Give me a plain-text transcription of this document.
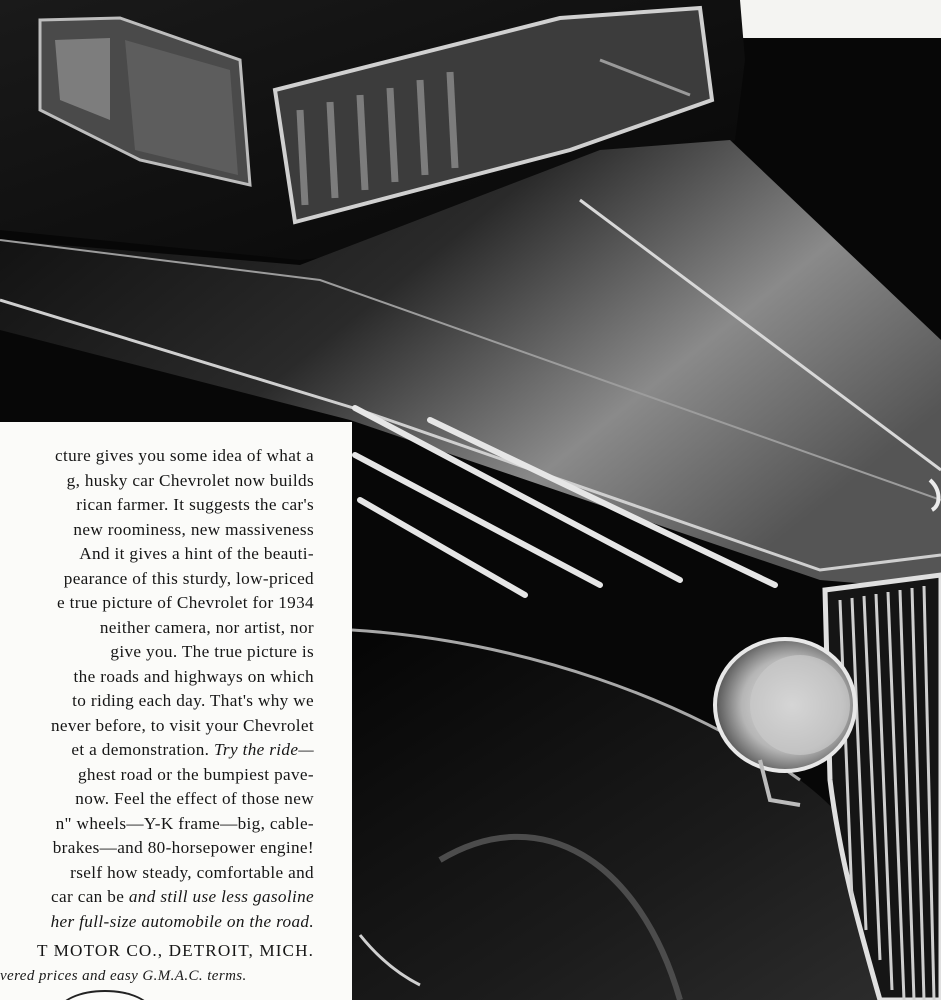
cture gives you some idea of what a
g, husky car Chevrolet now builds
rican farmer. It suggests the car's
new roominess, new massiveness
And it gives a hint of the beauti-
pearance of this sturdy, low-priced
e true picture of Chevrolet for 1934
neither camera, nor artist, nor
give you. The true picture is
the roads and highways on which
to riding each day. That's why we
never before, to visit your Chevrolet
et a demonstration. Try the ride—
ghest road or the bumpiest pave-
now. Feel the effect of those new
n" wheels—Y-K frame—big, cable-
brakes—and 80-horsepower engine!
rself how steady, comfortable and
car can be and still use less gasoline
her full-size automobile on the road.
T MOTOR CO., DETROIT, MICH.
vered prices and easy G.M.A.C. terms.
